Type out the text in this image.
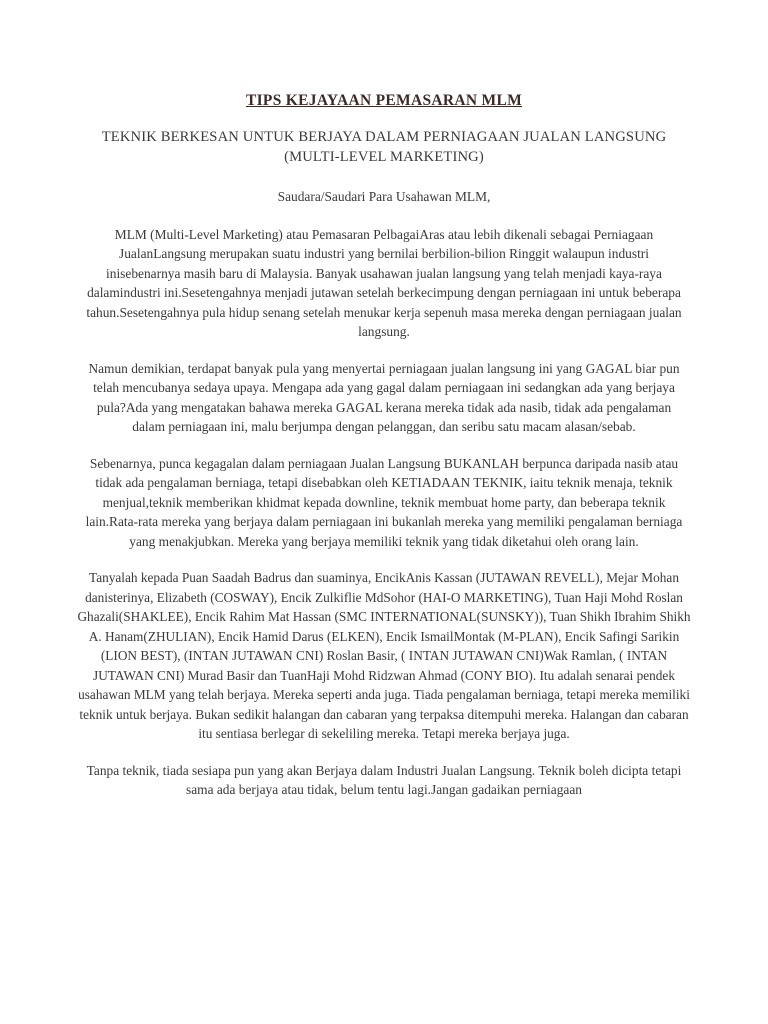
TIPS KEJAYAAN PEMASARAN MLM

TEKNIK BERKESAN UNTUK BERJAYA DALAM PERNIAGAAN JUALAN LANGSUNG (MULTI-LEVEL MARKETING)

Saudara/Saudari Para Usahawan MLM,

MLM (Multi-Level Marketing) atau Pemasaran PelbagaiAras atau lebih dikenali sebagai Perniagaan JualanLangsung merupakan suatu industri yang bernilai berbilion-bilion Ringgit walaupun industri inisebenarnya masih baru di Malaysia. Banyak usahawan jualan langsung yang telah menjadi kaya-raya dalamindustri ini.Sesetengahnya menjadi jutawan setelah berkecimpung dengan perniagaan ini untuk beberapa tahun.Sesetengahnya pula hidup senang setelah menukar kerja sepenuh masa mereka dengan perniagaan jualan langsung.

Namun demikian, terdapat banyak pula yang menyertai perniagaan jualan langsung ini yang GAGAL biar pun telah mencubanya sedaya upaya. Mengapa ada yang gagal dalam perniagaan ini sedangkan ada yang berjaya pula?Ada yang mengatakan bahawa mereka GAGAL kerana mereka tidak ada nasib, tidak ada pengalaman dalam perniagaan ini, malu berjumpa dengan pelanggan, dan seribu satu macam alasan/sebab.

Sebenarnya, punca kegagalan dalam perniagaan Jualan Langsung BUKANLAH berpunca daripada nasib atau tidak ada pengalaman berniaga, tetapi disebabkan oleh KETIADAAN TEKNIK, iaitu teknik menaja, teknik menjual,teknik memberikan khidmat kepada downline, teknik membuat home party, dan beberapa teknik lain.Rata-rata mereka yang berjaya dalam perniagaan ini bukanlah mereka yang memiliki pengalaman berniaga yang menakjubkan. Mereka yang berjaya memiliki teknik yang tidak diketahui oleh orang lain.

Tanyalah kepada Puan Saadah Badrus dan suaminya, EncikAnis Kassan (JUTAWAN REVELL), Mejar Mohan danisterinya, Elizabeth (COSWAY), Encik Zulkiflie MdSohor (HAI-O MARKETING), Tuan Haji Mohd Roslan Ghazali(SHAKLEE), Encik Rahim Mat Hassan (SMC INTERNATIONAL(SUNSKY)), Tuan Shikh Ibrahim Shikh A. Hanam(ZHULIAN), Encik Hamid Darus (ELKEN), Encik IsmailMontak (M-PLAN), Encik Safingi Sarikin (LION BEST), (INTAN JUTAWAN CNI) Roslan Basir, ( INTAN JUTAWAN CNI)Wak Ramlan, ( INTAN JUTAWAN CNI) Murad Basir dan TuanHaji Mohd Ridzwan Ahmad (CONY BIO). Itu adalah senarai pendek usahawan MLM yang telah berjaya. Mereka seperti anda juga. Tiada pengalaman berniaga, tetapi mereka memiliki teknik untuk berjaya. Bukan sedikit halangan dan cabaran yang terpaksa ditempuhi mereka. Halangan dan cabaran itu sentiasa berlegar di sekeliling mereka. Tetapi mereka berjaya juga.

Tanpa teknik, tiada sesiapa pun yang akan Berjaya dalam Industri Jualan Langsung. Teknik boleh dicipta tetapi sama ada berjaya atau tidak, belum tentu lagi.Jangan gadaikan perniagaan
